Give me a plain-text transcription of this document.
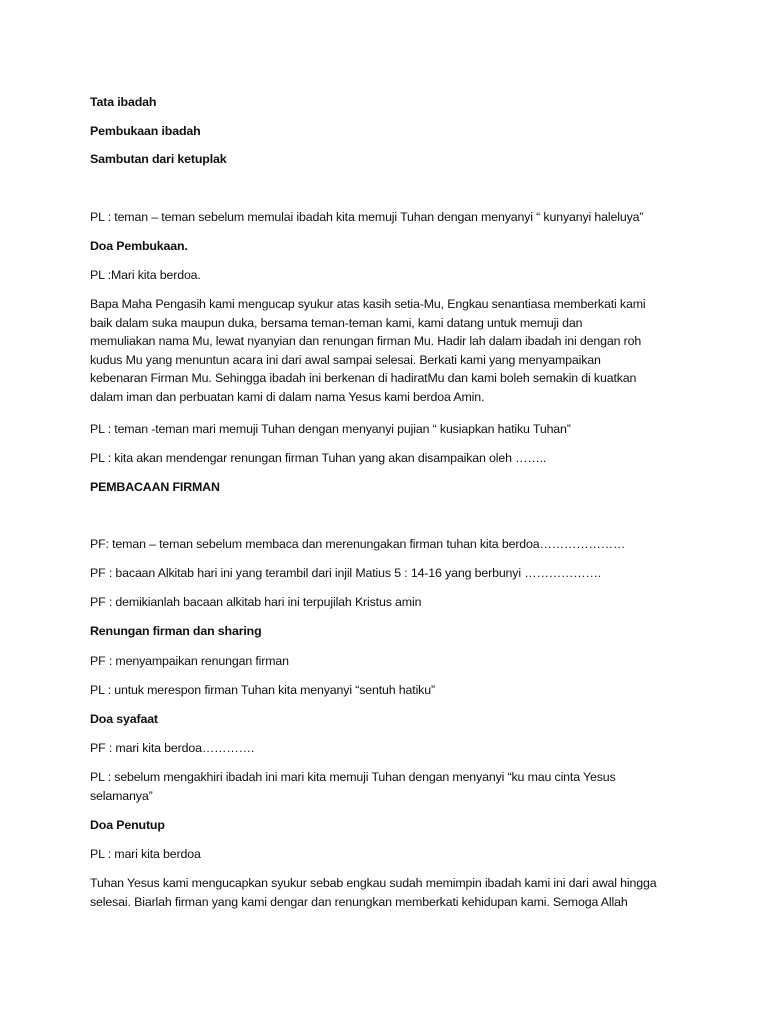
Tata ibadah
Pembukaan ibadah
Sambutan dari ketuplak
PL : teman – teman sebelum memulai ibadah kita memuji Tuhan dengan menyanyi “ kunyanyi haleluya”
Doa Pembukaan.
PL :Mari kita berdoa.
Bapa Maha Pengasih kami mengucap syukur atas kasih setia-Mu, Engkau senantiasa memberkati kami
baik dalam suka maupun duka, bersama teman-teman kami, kami datang untuk memuji dan
memuliakan nama Mu, lewat nyanyian dan renungan firman Mu. Hadir lah dalam ibadah ini dengan roh
kudus Mu yang menuntun acara ini dari awal sampai selesai. Berkati kami yang menyampaikan
kebenaran Firman Mu. Sehingga ibadah ini berkenan di hadiratMu dan kami boleh semakin di kuatkan
dalam iman dan perbuatan kami di dalam nama Yesus kami berdoa Amin.
PL : teman -teman mari memuji Tuhan dengan menyanyi pujian “ kusiapkan hatiku Tuhan”
PL : kita akan mendengar renungan firman Tuhan yang akan disampaikan oleh ……..
PEMBACAAN FIRMAN
PF: teman – teman sebelum membaca dan merenungakan firman tuhan kita berdoa…………………
PF : bacaan Alkitab hari ini yang terambil dari injil Matius 5 : 14-16 yang berbunyi ……………….
PF : demikianlah bacaan alkitab hari ini terpujilah Kristus amin
Renungan firman dan sharing
PF : menyampaikan renungan firman
PL : untuk merespon firman Tuhan kita menyanyi “sentuh hatiku”
Doa syafaat
PF : mari kita berdoa………….
PL : sebelum mengakhiri ibadah ini mari kita memuji Tuhan dengan menyanyi “ku mau cinta Yesus
selamanya”
Doa Penutup
PL : mari kita berdoa
Tuhan Yesus kami mengucapkan syukur sebab engkau sudah memimpin ibadah kami ini dari awal hingga
selesai. Biarlah firman yang kami dengar dan renungkan memberkati kehidupan kami. Semoga Allah
